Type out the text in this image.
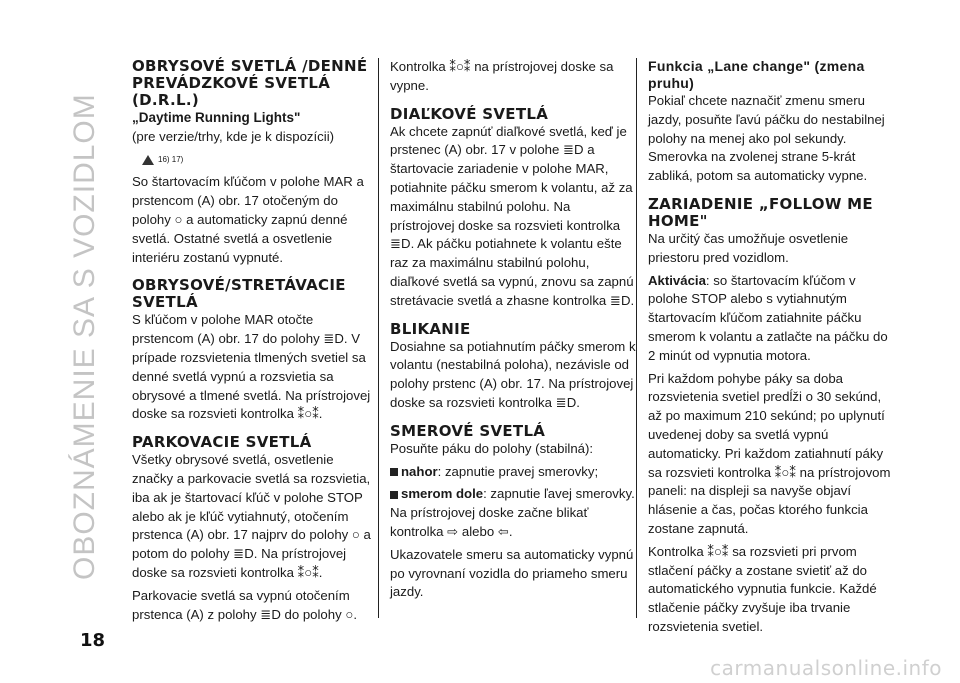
OBOZNÁMENIE SA S VOZIDLOM
OBRYSOVÉ SVETLÁ /DENNÉ PREVÁDZKOVÉ SVETLÁ (D.R.L.)

„Daytime Running Lights"

(pre verzie/trhy, kde je k dispozícii)

16) 17)

So štartovacím kľúčom v polohe MAR a prstencom (A) obr. 17 otočeným do polohy ○ a automaticky zapnú denné svetlá. Ostatné svetlá a osvetlenie interiéru zostanú vypnuté.

OBRYSOVÉ/STRETÁVACIE SVETLÁ

S kľúčom v polohe MAR otočte prstencom (A) obr. 17 do polohy ≣D. V prípade rozsvietenia tlmených svetiel sa denné svetlá vypnú a rozsvietia sa obrysové a tlmené svetlá. Na prístrojovej doske sa rozsvieti kontrolka ⁑○⁑.

PARKOVACIE SVETLÁ

Všetky obrysové svetlá, osvetlenie značky a parkovacie svetlá sa rozsvietia, iba ak je štartovací kľúč v polohe STOP alebo ak je kľúč vytiahnutý, otočením prstenca (A) obr. 17 najprv do polohy ○ a potom do polohy ≣D. Na prístrojovej doske sa rozsvieti kontrolka ⁑○⁑.

Parkovacie svetlá sa vypnú otočením prstenca (A) z polohy ≣D do polohy ○.

Kontrolka ⁑○⁑ na prístrojovej doske sa vypne.

DIAĽKOVÉ SVETLÁ

Ak chcete zapnúť diaľkové svetlá, keď je prstenec (A) obr. 17 v polohe ≣D a štartovacie zariadenie v polohe MAR, potiahnite páčku smerom k volantu, až za maximálnu stabilnú polohu. Na prístrojovej doske sa rozsvieti kontrolka ≣D. Ak páčku potiahnete k volantu ešte raz za maximálnu stabilnú polohu, diaľkové svetlá sa vypnú, znovu sa zapnú stretávacie svetlá a zhasne kontrolka ≣D.

BLIKANIE

Dosiahne sa potiahnutím páčky smerom k volantu (nestabilná poloha), nezávisle od polohy prstenc (A) obr. 17. Na prístrojovej doske sa rozsvieti kontrolka ≣D.

SMEROVÉ SVETLÁ

Posuňte páku do polohy (stabilná):

nahor: zapnutie pravej smerovky;

smerom dole: zapnutie ľavej smerovky. Na prístrojovej doske začne blikať kontrolka ⇨ alebo ⇦.

Ukazovatele smeru sa automaticky vypnú po vyrovnaní vozidla do priameho smeru jazdy.

Funkcia „Lane change" (zmena pruhu)

Pokiaľ chcete naznačiť zmenu smeru jazdy, posuňte ľavú páčku do nestabilnej polohy na menej ako pol sekundy. Smerovka na zvolenej strane 5-krát zabliká, potom sa automaticky vypne.

ZARIADENIE „FOLLOW ME HOME"

Na určitý čas umožňuje osvetlenie priestoru pred vozidlom.

Aktivácia: so štartovacím kľúčom v polohe STOP alebo s vytiahnutým štartovacím kľúčom zatiahnite páčku smerom k volantu a zatlačte na páčku do 2 minút od vypnutia motora.

Pri každom pohybe páky sa doba rozsvietenia svetiel predĺži o 30 sekúnd, až po maximum 210 sekúnd; po uplynutí uvedenej doby sa svetlá vypnú automaticky. Pri každom zatiahnutí páky sa rozsvieti kontrolka ⁑○⁑ na prístrojovom paneli: na displeji sa navyše objaví hlásenie a čas, počas ktorého funkcia zostane zapnutá.

Kontrolka ⁑○⁑ sa rozsvieti pri prvom stlačení páčky a zostane svietiť až do automatického vypnutia funkcie. Každé stlačenie páčky zvyšuje iba trvanie rozsvietenia svetiel.

18
carmanualsonline.info
